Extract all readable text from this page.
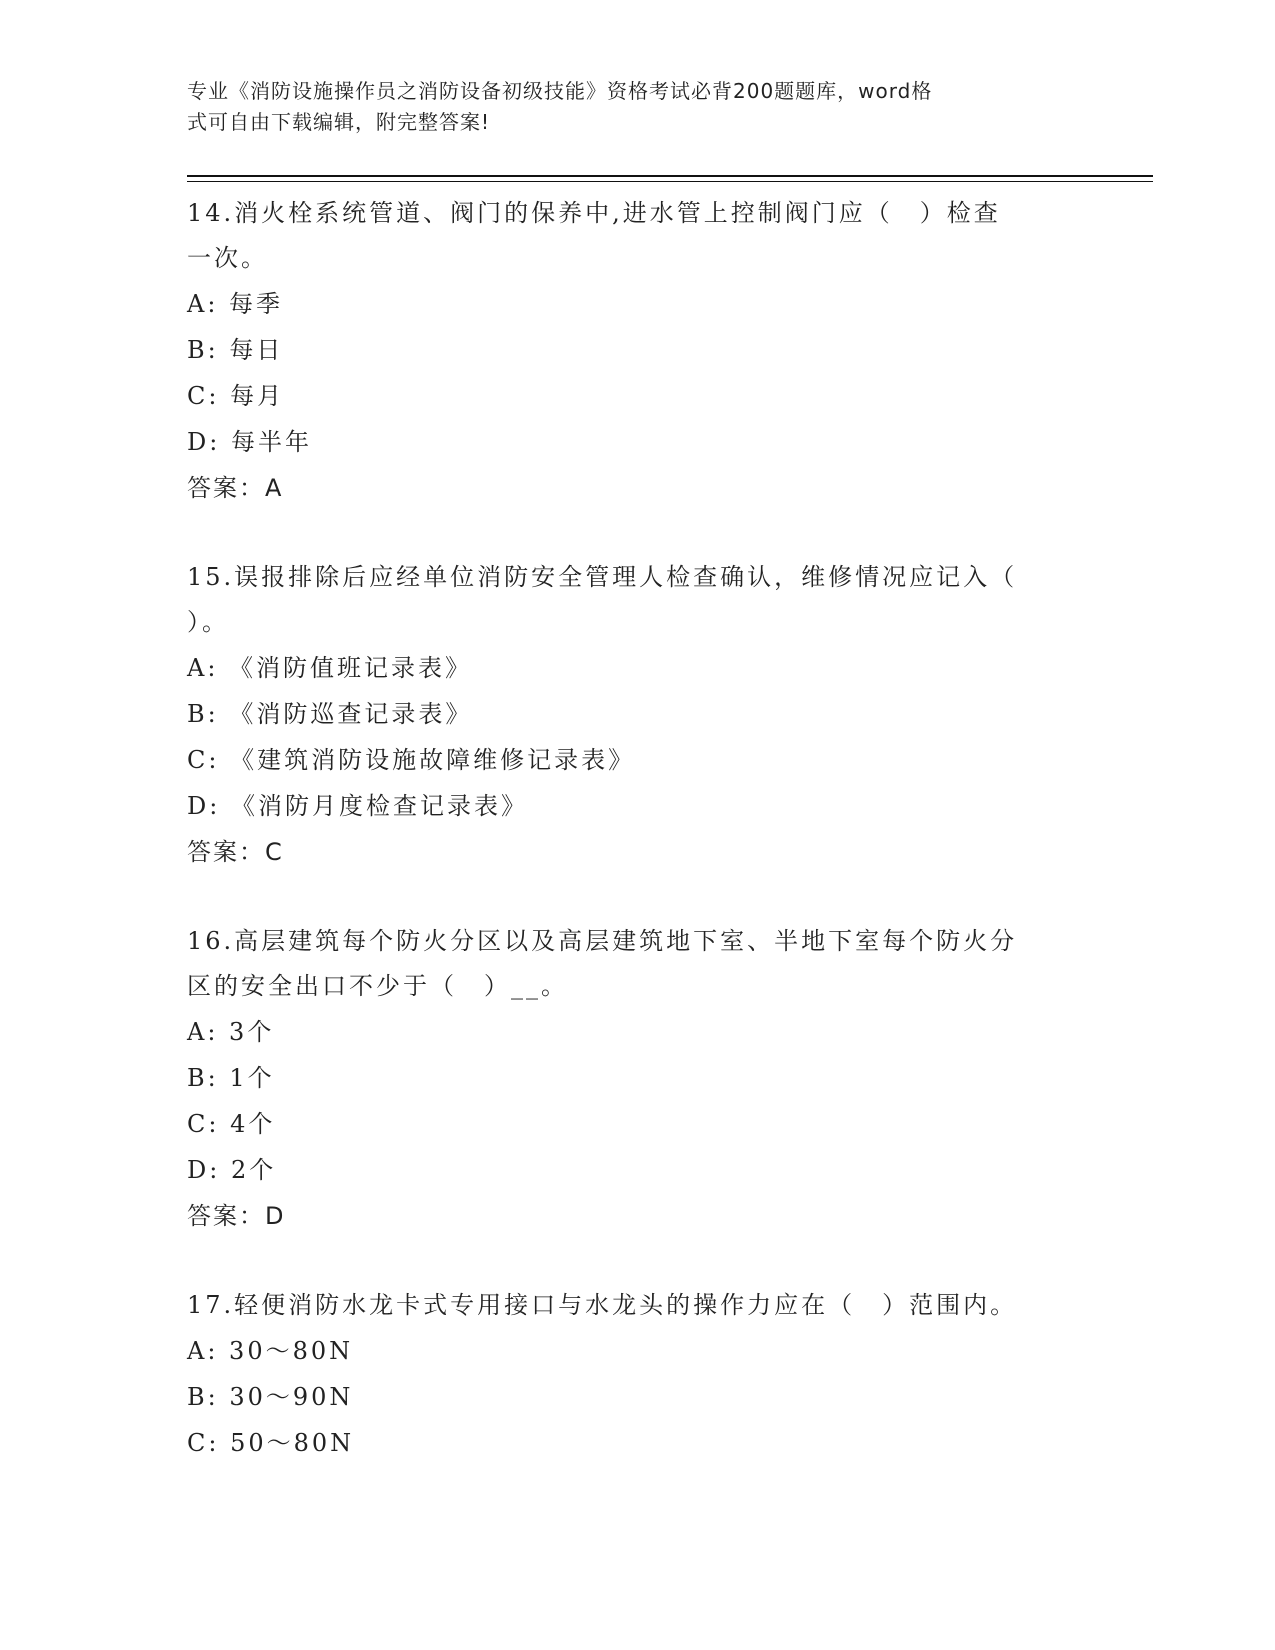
专业《消防设施操作员之消防设备初级技能》资格考试必背200题题库，word格
式可自由下载编辑，附完整答案!
14.消火栓系统管道、阀门的保养中,进水管上控制阀门应（　）检查
一次。
A: 每季
B: 每日
C: 每月
D: 每半年
答案：A
15.误报排除后应经单位消防安全管理人检查确认，维修情况应记入（
）。
A: 《消防值班记录表》
B: 《消防巡查记录表》
C: 《建筑消防设施故障维修记录表》
D: 《消防月度检查记录表》
答案：C
16.高层建筑每个防火分区以及高层建筑地下室、半地下室每个防火分
区的安全出口不少于（　）__。
A: 3个
B: 1个
C: 4个
D: 2个
答案：D
17.轻便消防水龙卡式专用接口与水龙头的操作力应在（　）范围内。
A: 30～80N
B: 30～90N
C: 50～80N
